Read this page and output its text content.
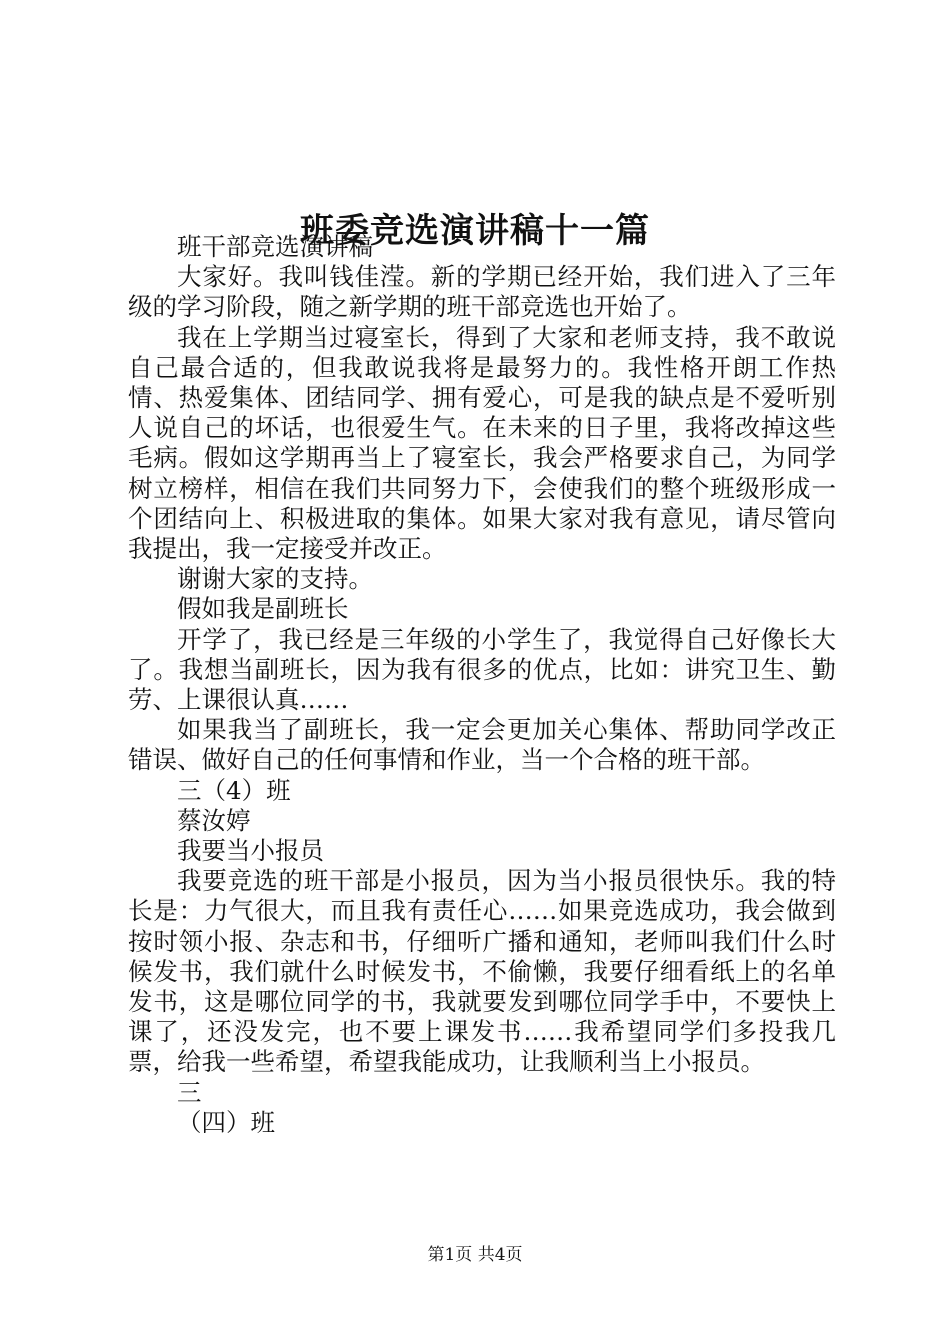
班委竞选演讲稿十一篇

班干部竞选演讲稿

大家好。我叫钱佳滢。新的学期已经开始，我们进入了三年级的学习阶段，随之新学期的班干部竞选也开始了。

我在上学期当过寝室长，得到了大家和老师支持，我不敢说自己最合适的，但我敢说我将是最努力的。我性格开朗工作热情、热爱集体、团结同学、拥有爱心，可是我的缺点是不爱听别人说自己的坏话，也很爱生气。在未来的日子里，我将改掉这些毛病。假如这学期再当上了寝室长，我会严格要求自己，为同学树立榜样，相信在我们共同努力下，会使我们的整个班级形成一个团结向上、积极进取的集体。如果大家对我有意见，请尽管向我提出，我一定接受并改正。

谢谢大家的支持。

假如我是副班长

开学了，我已经是三年级的小学生了，我觉得自己好像长大了。我想当副班长，因为我有很多的优点，比如：讲究卫生、勤劳、上课很认真……

如果我当了副班长，我一定会更加关心集体、帮助同学改正错误、做好自己的任何事情和作业，当一个合格的班干部。

三（4）班

蔡汝婷

我要当小报员

我要竞选的班干部是小报员，因为当小报员很快乐。我的特长是：力气很大，而且我有责任心……如果竞选成功，我会做到按时领小报、杂志和书，仔细听广播和通知，老师叫我们什么时候发书，我们就什么时候发书，不偷懒，我要仔细看纸上的名单发书，这是哪位同学的书，我就要发到哪位同学手中，不要快上课了，还没发完，也不要上课发书……我希望同学们多投我几票，给我一些希望，希望我能成功，让我顺利当上小报员。

三

（四）班

第1页 共4页
